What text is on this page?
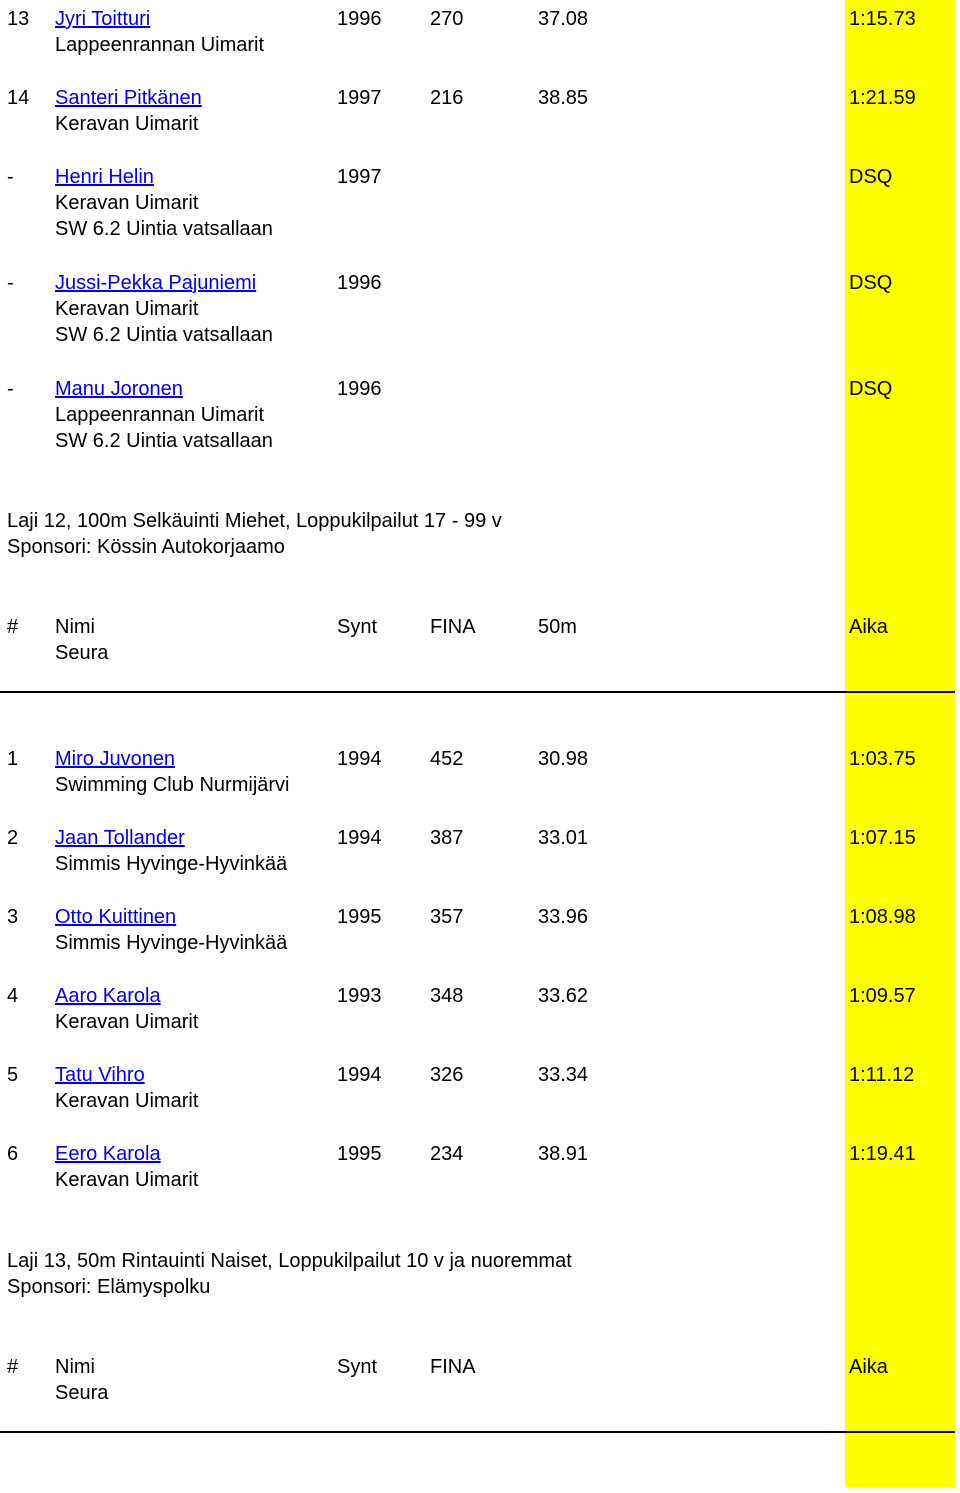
13 Jyri Toitturi
Lappeenrannan Uimarit
1996 270	37.08	1:15.73
14 Santeri Pitkänen
Keravan Uimarit
1997 216	38.85	1:21.59
- Henri Helin
Keravan Uimarit
SW 6.2 Uintia vatsallaan
1997	DSQ
- Jussi-Pekka Pajuniemi
Keravan Uimarit
SW 6.2 Uintia vatsallaan
1996	DSQ
- Manu Joronen
Lappeenrannan Uimarit
SW 6.2 Uintia vatsallaan
1996	DSQ
Laji 12, 100m Selkäuinti Miehet, Loppukilpailut 17 - 99 v
Sponsori: Kössin Autokorjaamo
# Nimi
Seura
Synt	FINA	50m	Aika
1 Miro Juvonen
Swimming Club Nurmijärvi
1994 452	30.98	1:03.75
2 Jaan Tollander
Simmis Hyvinge-Hyvinkää
1994 387	33.01	1:07.15
3 Otto Kuittinen
Simmis Hyvinge-Hyvinkää
1995 357	33.96	1:08.98
4 Aaro Karola
Keravan Uimarit
1993 348	33.62	1:09.57
5 Tatu Vihro
Keravan Uimarit
1994 326	33.34	1:11.12
6 Eero Karola
Keravan Uimarit
1995 234	38.91	1:19.41
Laji 13, 50m Rintauinti Naiset, Loppukilpailut 10 v ja nuoremmat
Sponsori: Elämyspolku
# Nimi
Seura
Synt	FINA	Aika
